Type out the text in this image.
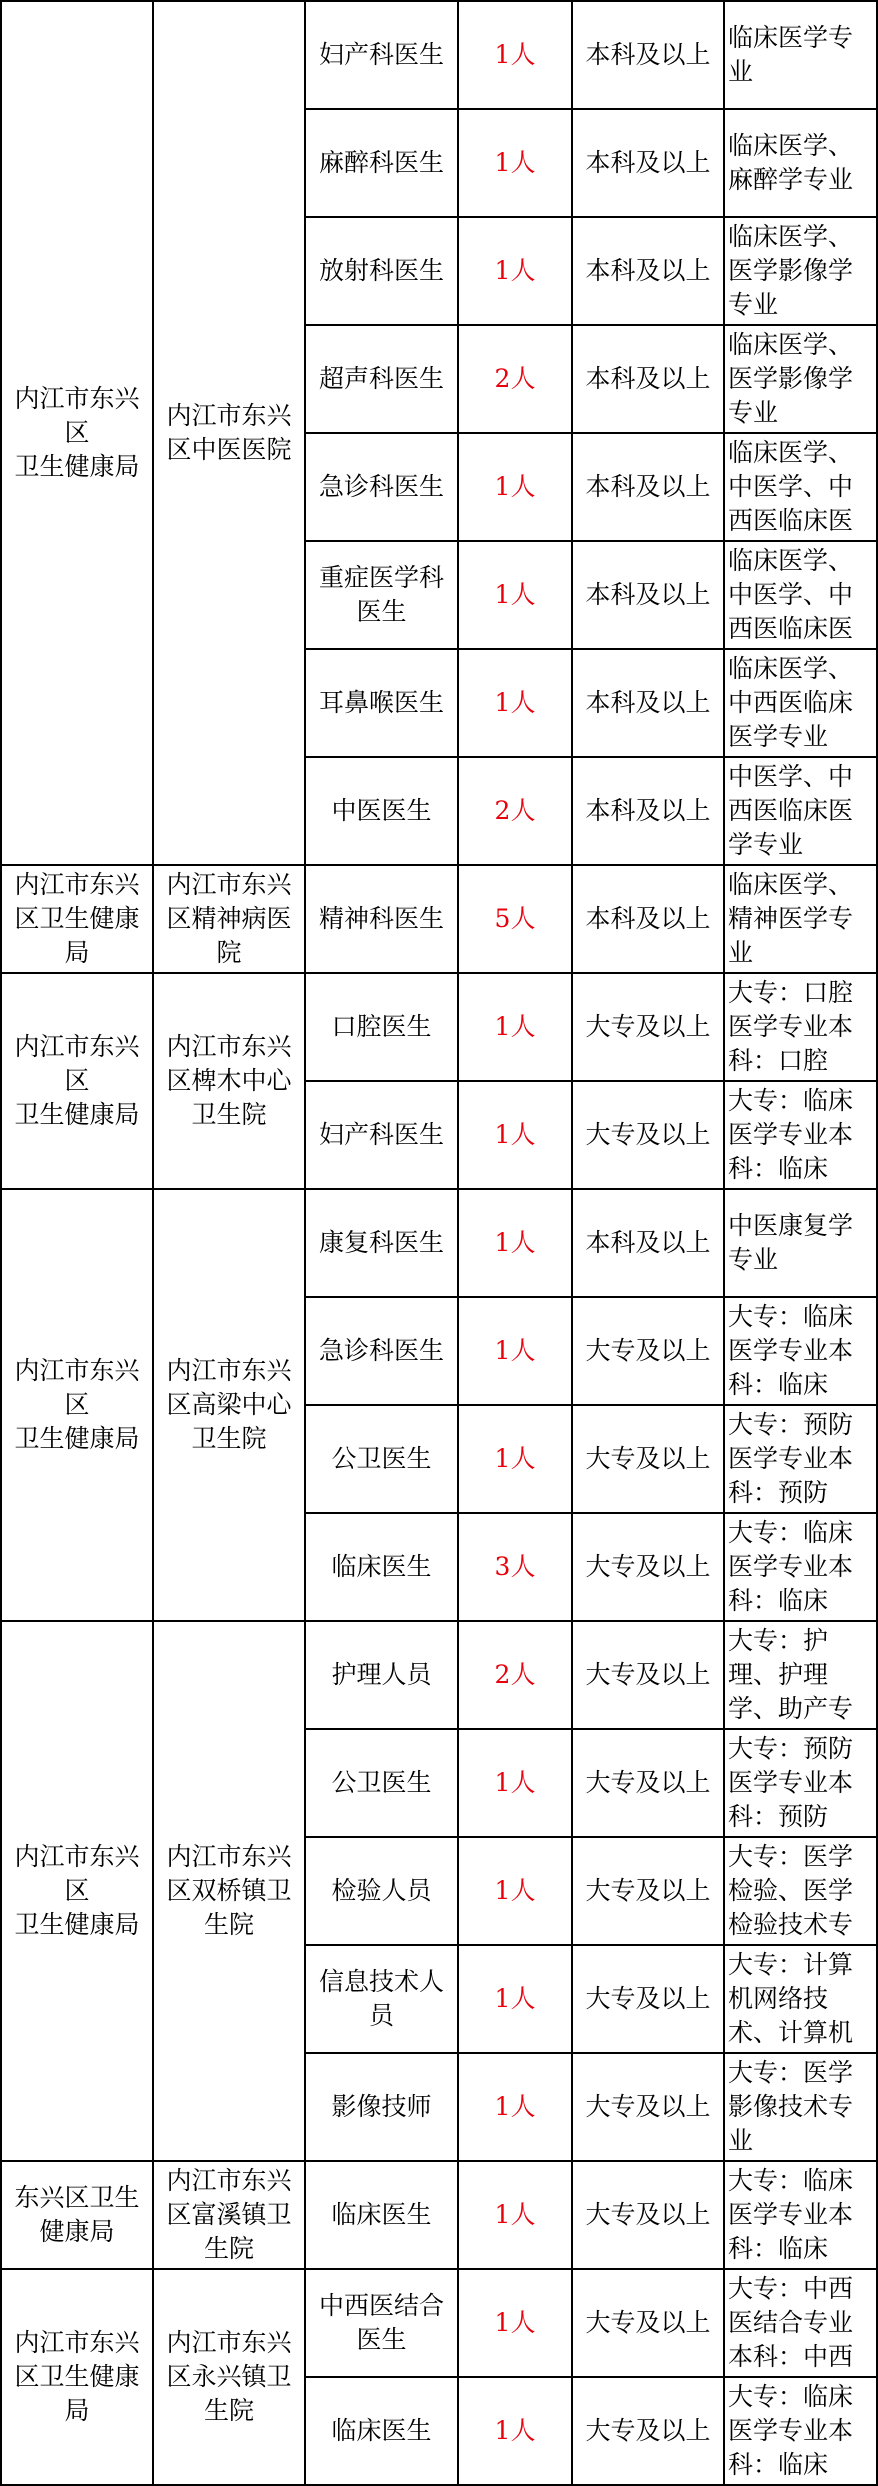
内江市东兴区
卫生健康局	内江市东兴区中医医院	妇产科医生	1人	本科及以上	临床医学专业

		麻醉科医生	1人	本科及以上	临床医学、麻醉学专业

		放射科医生	1人	本科及以上	临床医学、医学影像学专业

		超声科医生	2人	本科及以上	临床医学、医学影像学专业

		急诊科医生	1人	本科及以上	临床医学、中医学、中西医临床医

		重症医学科医生	1人	本科及以上	临床医学、中医学、中西医临床医

		耳鼻喉医生	1人	本科及以上	临床医学、中西医临床医学专业

		中医医生	2人	本科及以上	中医学、中西医临床医学专业

内江市东兴区卫生健康局	内江市东兴区精神病医院	精神科医生	5人	本科及以上	临床医学、精神医学专业

内江市东兴区
卫生健康局	内江市东兴区椑木中心卫生院	口腔医生	1人	大专及以上	大专：口腔医学专业本科：口腔

		妇产科医生	1人	大专及以上	大专：临床医学专业本科：临床

内江市东兴区
卫生健康局	内江市东兴区高梁中心卫生院	康复科医生	1人	本科及以上	中医康复学专业

		急诊科医生	1人	大专及以上	大专：临床医学专业本科：临床

		公卫医生	1人	大专及以上	大专：预防医学专业本科：预防

		临床医生	3人	大专及以上	大专：临床医学专业本科：临床

内江市东兴区
卫生健康局	内江市东兴区双桥镇卫生院	护理人员	2人	大专及以上	大专：护理、护理学、助产专

		公卫医生	1人	大专及以上	大专：预防医学专业本科：预防

		检验人员	1人	大专及以上	大专：医学检验、医学检验技术专

		信息技术人员	1人	大专及以上	大专：计算机网络技术、计算机

		影像技师	1人	大专及以上	大专：医学影像技术专业

东兴区卫生健康局	内江市东兴区富溪镇卫生院	临床医生	1人	大专及以上	大专：临床医学专业本科：临床

内江市东兴区卫生健康局	内江市东兴区永兴镇卫生院	中西医结合医生	1人	大专及以上	大专：中西医结合专业本科：中西

		临床医生	1人	大专及以上	大专：临床医学专业本科：临床
